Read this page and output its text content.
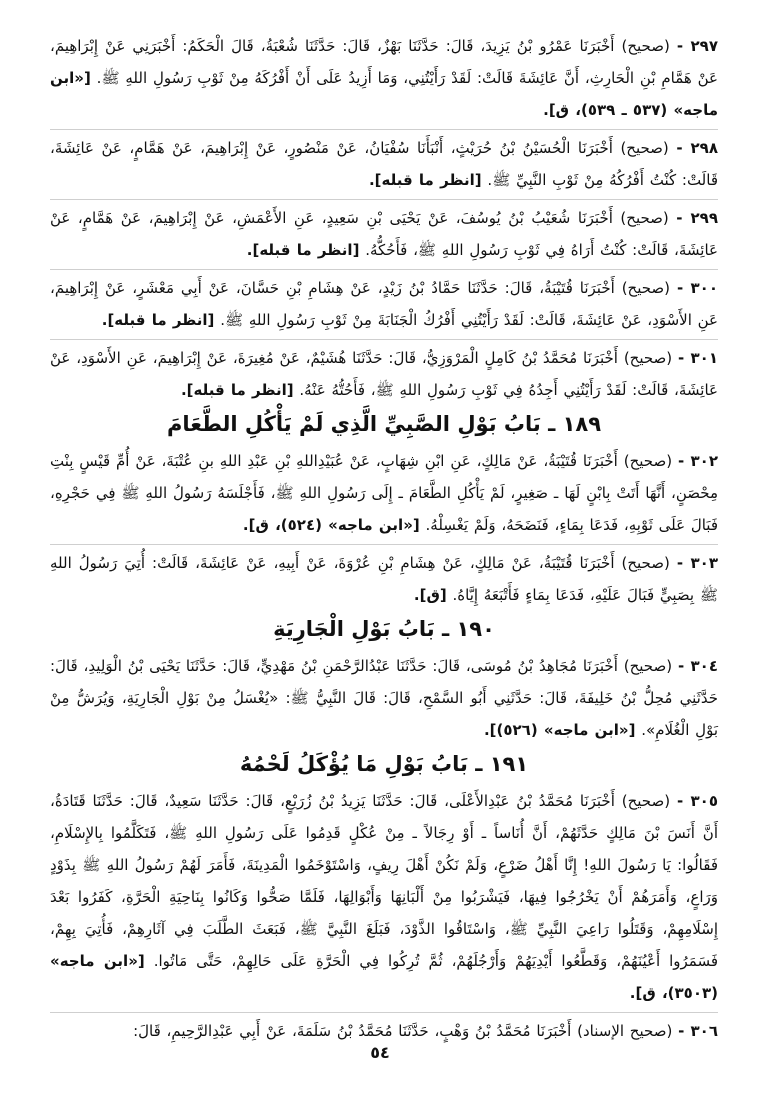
٢٩٧ - (صحيح) أَخْبَرَنَا عَمْرُو بْنُ يَزِيدَ، قَالَ: حَدَّثَنَا بَهْزٌ، قَالَ: حَدَّثَنَا شُعْبَةُ، قَالَ الْحَكَمُ: أَخْبَرَنِي عَنْ إِبْرَاهِيمَ، عَنْ هَمَّامِ بْنِ الْحَارِثِ، أَنَّ عَائِشَةَ قَالَتْ: لَقَدْ رَأَيْتُنِي، وَمَا أَزِيدُ عَلَى أَنْ أَفْرُكَهُ مِنْ ثَوْبِ رَسُولِ اللهِ ﷺ. [«ابن ماجه» (٥٣٧ ـ ٥٣٩)، ق].

٢٩٨ - (صحيح) أَخْبَرَنَا الْحُسَيْنُ بْنُ حُرَيْثٍ، أَنْبَأَنَا سُفْيَانُ، عَنْ مَنْصُورٍ، عَنْ إِبْرَاهِيمَ، عَنْ هَمَّامٍ، عَنْ عَائِشَةَ، قَالَتْ: كُنْتُ أَفْرُكُهُ مِنْ ثَوْبِ النَّبِيِّ ﷺ. [انظر ما قبله].

٢٩٩ - (صحيح) أَخْبَرَنَا شُعَيْبُ بْنُ يُوسُفَ، عَنْ يَحْيَى بْنِ سَعِيدٍ، عَنِ الأَعْمَشِ، عَنْ إِبْرَاهِيمَ، عَنْ هَمَّامٍ، عَنْ عَائِشَةَ، قَالَتْ: كُنْتُ أَرَاهُ فِي ثَوْبِ رَسُولِ اللهِ ﷺ، فَأَحُكُّهُ. [انظر ما قبله].

٣٠٠ - (صحيح) أَخْبَرَنَا قُتَيْبَةُ، قَالَ: حَدَّثَنَا حَمَّادُ بْنُ زَيْدٍ، عَنْ هِشَامِ بْنِ حَسَّانَ، عَنْ أَبِي مَعْشَرٍ، عَنْ إِبْرَاهِيمَ، عَنِ الأَسْوَدِ، عَنْ عَائِشَةَ، قَالَتْ: لَقَدْ رَأَيْتُنِي أَفْرُكُ الْجَنَابَةَ مِنْ ثَوْبِ رَسُولِ اللهِ ﷺ. [انظر ما قبله].

٣٠١ - (صحيح) أَخْبَرَنَا مُحَمَّدُ بْنُ كَامِلٍ الْمَرْوَزِيُّ، قَالَ: حَدَّثَنَا هُشَيْمٌ، عَنْ مُغِيرَةَ، عَنْ إِبْرَاهِيمَ، عَنِ الأَسْوَدِ، عَنْ عَائِشَةَ، قَالَتْ: لَقَدْ رَأَيْتُنِي أَجِدُهُ فِي ثَوْبِ رَسُولِ اللهِ ﷺ، فَأَحُتُّهُ عَنْهُ. [انظر ما قبله].

١٨٩ ـ بَابُ بَوْلِ الصَّبِيِّ الَّذِي لَمْ يَأْكُلِ الطَّعَامَ

٣٠٢ - (صحيح) أَخْبَرَنَا قُتَيْبَةُ، عَنْ مَالِكٍ، عَنِ ابْنِ شِهَابٍ، عَنْ عُبَيْدِاللهِ بْنِ عَبْدِ اللهِ بنِ عُتْبَةَ، عَنْ أُمِّ قَيْسٍ بِنْتِ مِحْصَنٍ، أَنَّهَا أَتَتْ بِابْنٍ لَهَا ـ صَغِيرٍ، لَمْ يَأْكُلِ الطَّعَامَ ـ إِلَى رَسُولِ اللهِ ﷺ، فَأَجْلَسَهُ رَسُولُ اللهِ ﷺ فِي حَجْرِهِ، فَبَالَ عَلَى ثَوْبِهِ، فَدَعَا بِمَاءٍ، فَنَضَحَهُ، وَلَمْ يَغْسِلْهُ. [«ابن ماجه» (٥٢٤)، ق].

٣٠٣ - (صحيح) أَخْبَرَنَا قُتَيْبَةُ، عَنْ مَالِكٍ، عَنْ هِشَامِ بْنِ عُرْوَةَ، عَنْ أَبِيهِ، عَنْ عَائِشَةَ، قَالَتْ: أُتِيَ رَسُولُ اللهِ ﷺ بِصَبِيٍّ فَبَالَ عَلَيْهِ، فَدَعَا بِمَاءٍ فَأَتْبَعَهُ إِيَّاهُ. [ق].

١٩٠ ـ بَابُ بَوْلِ الْجَارِيَةِ

٣٠٤ - (صحيح) أَخْبَرَنَا مُجَاهِدُ بْنُ مُوسَى، قَالَ: حَدَّثَنَا عَبْدُالرَّحْمَنِ بْنُ مَهْدِيٍّ، قَالَ: حَدَّثَنَا يَحْيَى بْنُ الْوَلِيدِ، قَالَ: حَدَّثَنِي مُحِلُّ بْنُ خَلِيفَةَ، قَالَ: حَدَّثَنِي أَبُو السَّمْحِ، قَالَ: قَالَ النَّبِيُّ ﷺ: «يُغْسَلُ مِنْ بَوْلِ الْجَارِيَةِ، وَيُرَشُّ مِنْ بَوْلِ الْغُلَامِ». [«ابن ماجه» (٥٢٦)].

١٩١ ـ بَابُ بَوْلِ مَا يُؤْكَلُ لَحْمُهُ

٣٠٥ - (صحيح) أَخْبَرَنَا مُحَمَّدُ بْنُ عَبْدِالأَعْلَى، قَالَ: حَدَّثَنَا يَزِيدُ بْنُ زُرَيْعٍ، قَالَ: حَدَّثَنَا سَعِيدٌ، قَالَ: حَدَّثَنَا قَتَادَةُ، أَنَّ أَنَسَ بْنَ مَالِكٍ حَدَّثَهُمْ، أَنَّ أُنَاساً ـ أَوْ رِجَالاً ـ مِنْ عُكْلٍ قَدِمُوا عَلَى رَسُولِ اللهِ ﷺ، فَتَكَلَّمُوا بِالإِسْلَامِ، فَقَالُوا: يَا رَسُولَ اللهِ! إِنَّا أَهْلُ ضَرْعٍ، وَلَمْ نَكُنْ أَهْلَ رِيفٍ، وَاسْتَوْخَمُوا الْمَدِينَةَ، فَأَمَرَ لَهُمْ رَسُولُ اللهِ ﷺ بِذَوْدٍ وَرَاعٍ، وَأَمَرَهُمْ أَنْ يَخْرُجُوا فِيهَا، فَيَشْرَبُوا مِنْ أَلْبَانِهَا وَأَبْوَالِهَا، فَلَمَّا صَحُّوا وَكَانُوا بِنَاحِيَةِ الْحَرَّةِ، كَفَرُوا بَعْدَ إِسْلَامِهِمْ، وَقَتَلُوا رَاعِيَ النَّبِيِّ ﷺ، وَاسْتَاقُوا الذَّوْدَ، فَبَلَغَ النَّبِيَّ ﷺ، فَبَعَثَ الطَّلَبَ فِي آثَارِهِمْ، فَأُتِيَ بِهِمْ، فَسَمَرُوا أَعْيُنَهُمْ، وَقَطَّعُوا أَيْدِيَهُمْ وَأَرْجُلَهُمْ، ثُمَّ تُرِكُوا فِي الْحَرَّةِ عَلَى حَالِهِمْ، حَتَّى مَاتُوا. [«ابن ماجه» (٣٥٠٣)، ق].

٣٠٦ - (صحيح الإسناد) أَخْبَرَنَا مُحَمَّدُ بْنُ وَهْبٍ، حَدَّثَنَا مُحَمَّدُ بْنُ سَلَمَةَ، عَنْ أَبِي عَبْدِالرَّحِيمِ، قَالَ:

٥٤
